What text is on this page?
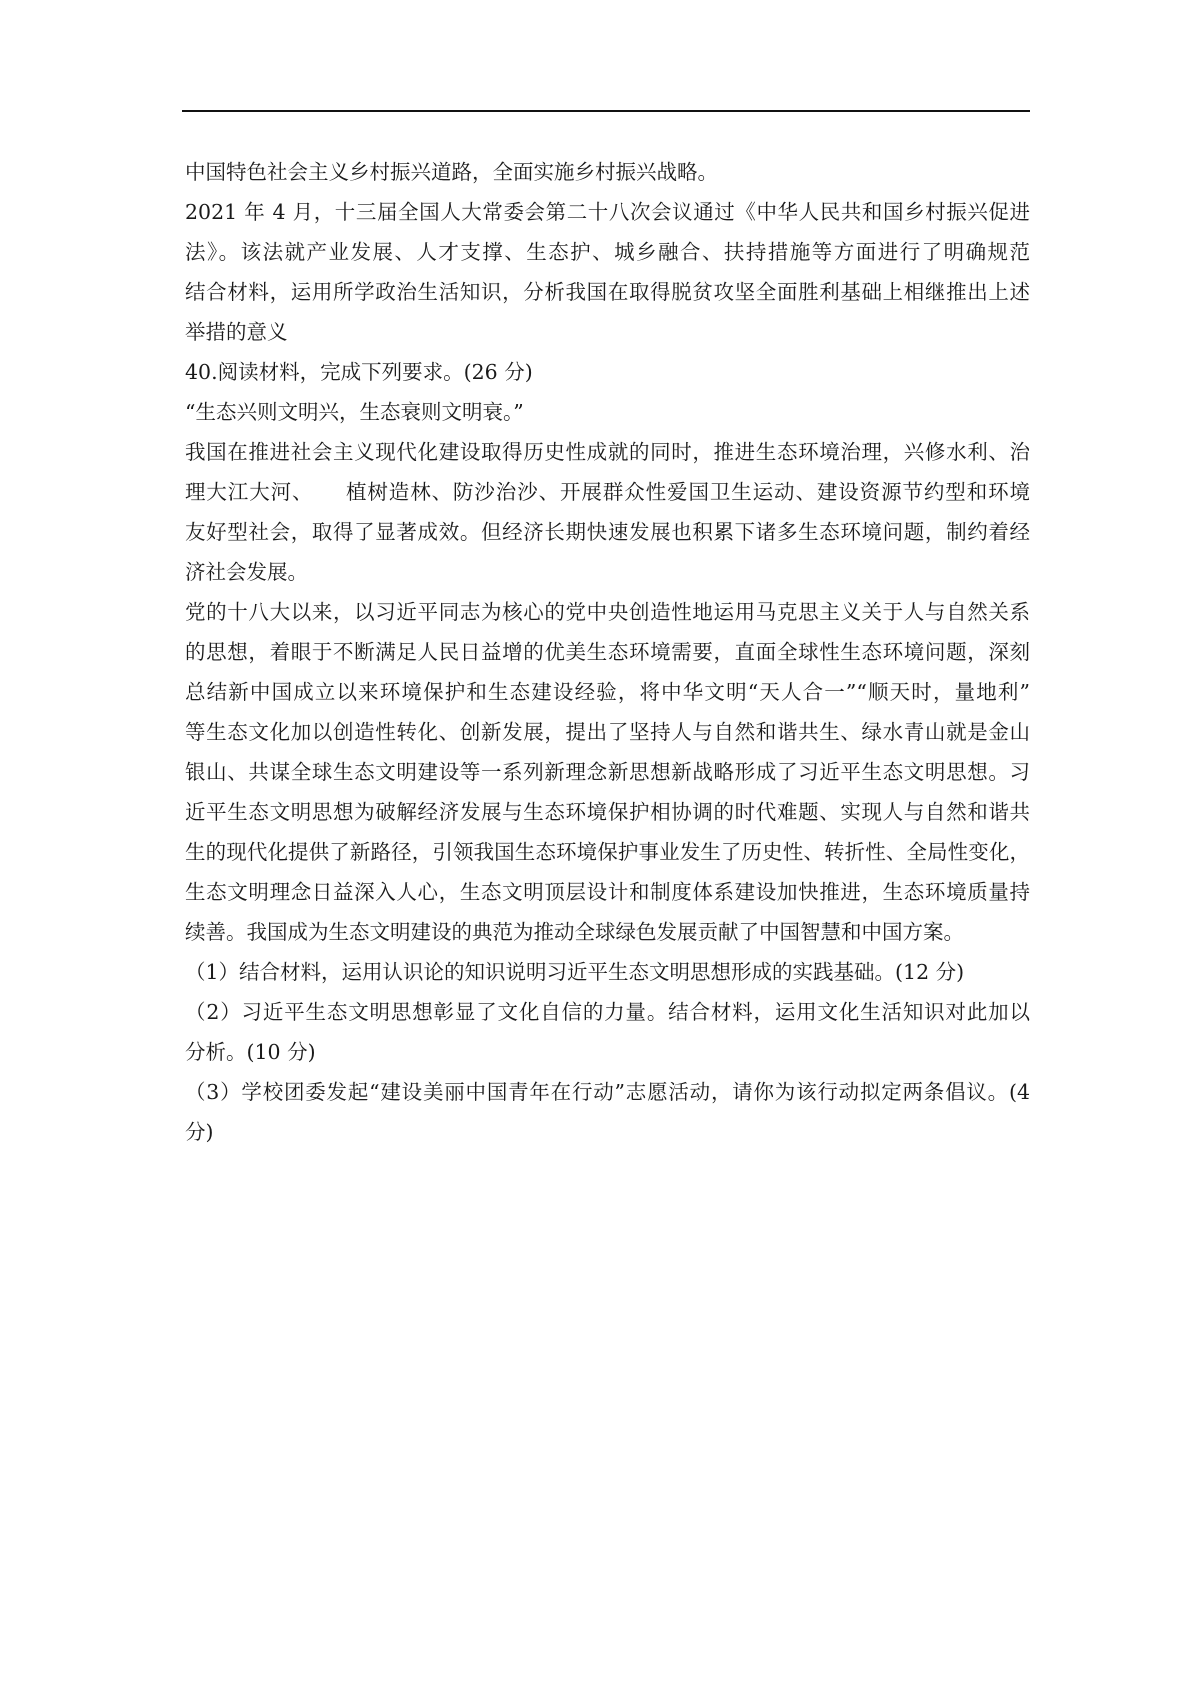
中国特色社会主义乡村振兴道路，全面实施乡村振兴战略。
2021 年 4 月，十三届全国人大常委会第二十八次会议通过《中华人民共和国乡村振兴促进
法》。该法就产业发展、人才支撑、生态护、城乡融合、扶持措施等方面进行了明确规范
结合材料，运用所学政治生活知识，分析我国在取得脱贫攻坚全面胜利基础上相继推出上述
举措的意义
40.阅读材料，完成下列要求。(26 分)
“生态兴则文明兴，生态衰则文明衰。”
我国在推进社会主义现代化建设取得历史性成就的同时，推进生态环境治理，兴修水利、治
理大江大河、　　植树造林、防沙治沙、开展群众性爱国卫生运动、建设资源节约型和环境
友好型社会，取得了显著成效。但经济长期快速发展也积累下诸多生态环境问题，制约着经
济社会发展。
党的十八大以来，以习近平同志为核心的党中央创造性地运用马克思主义关于人与自然关系
的思想，着眼于不断满足人民日益增的优美生态环境需要，直面全球性生态环境问题，深刻
总结新中国成立以来环境保护和生态建设经验，将中华文明“天人合一”“顺天时，量地利”
等生态文化加以创造性转化、创新发展，提出了坚持人与自然和谐共生、绿水青山就是金山
银山、共谋全球生态文明建设等一系列新理念新思想新战略形成了习近平生态文明思想。习
近平生态文明思想为破解经济发展与生态环境保护相协调的时代难题、实现人与自然和谐共
生的现代化提供了新路径，引领我国生态环境保护事业发生了历史性、转折性、全局性变化，
生态文明理念日益深入人心，生态文明顶层设计和制度体系建设加快推进，生态环境质量持
续善。我国成为生态文明建设的典范为推动全球绿色发展贡献了中国智慧和中国方案。
（1）结合材料，运用认识论的知识说明习近平生态文明思想形成的实践基础。(12 分)
（2）习近平生态文明思想彰显了文化自信的力量。结合材料，运用文化生活知识对此加以
分析。(10 分)
（3）学校团委发起“建设美丽中国青年在行动”志愿活动，请你为该行动拟定两条倡议。(4
分)
